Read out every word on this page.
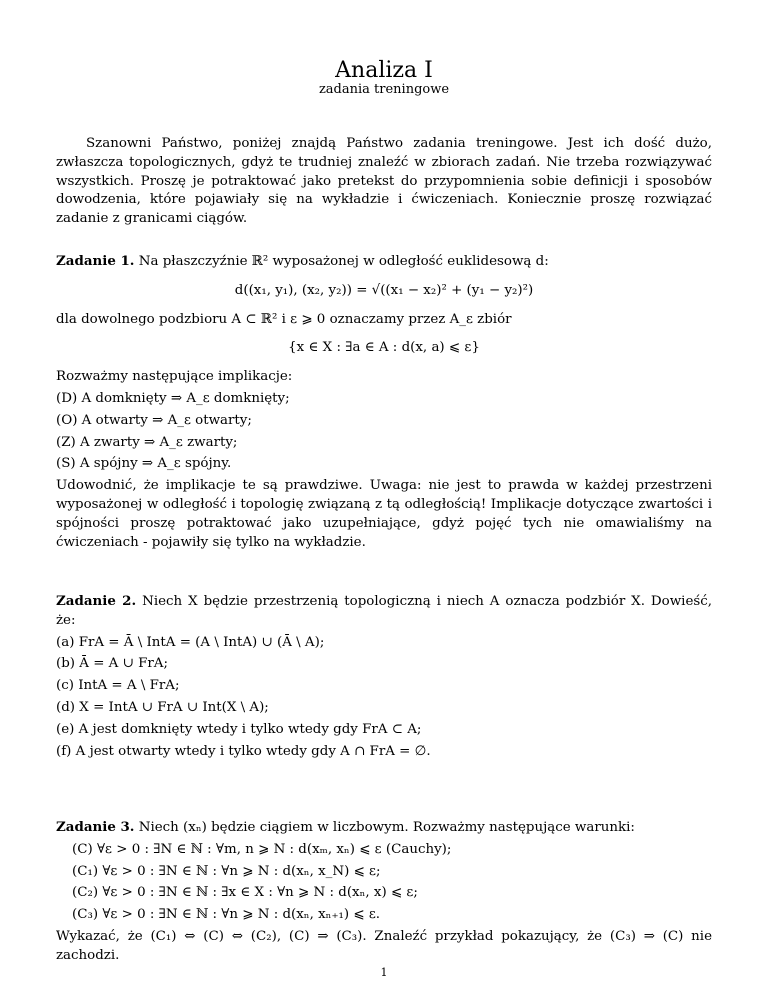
Analiza I
zadania treningowe

Szanowni Państwo, poniżej znajdą Państwo zadania treningowe. Jest ich dość dużo, zwłaszcza topologicznych, gdyż te trudniej znaleźć w zbiorach zadań. Nie trzeba rozwiązywać wszystkich. Proszę je potraktować jako pretekst do przypomnienia sobie definicji i sposobów dowodzenia, które pojawiały się na wykładzie i ćwiczeniach. Koniecznie proszę rozwiązać zadanie z granicami ciągów.

Zadanie 1. Na płaszczyźnie ℝ² wyposażonej w odległość euklidesową d:

d((x₁, y₁), (x₂, y₂)) = √((x₁ − x₂)² + (y₁ − y₂)²)

dla dowolnego podzbioru A ⊂ ℝ² i ε ⩾ 0 oznaczamy przez A_ε zbiór

{x ∈ X : ∃a ∈ A : d(x, a) ⩽ ε}

Rozważmy następujące implikacje:

(D) A domknięty ⇒ A_ε domknięty;
(O) A otwarty ⇒ A_ε otwarty;
(Z) A zwarty ⇒ A_ε zwarty;
(S) A spójny ⇒ A_ε spójny.

Udowodnić, że implikacje te są prawdziwe. Uwaga: nie jest to prawda w każdej przestrzeni wyposażonej w odległość i topologię związaną z tą odległością! Implikacje dotyczące zwartości i spójności proszę potraktować jako uzupełniające, gdyż pojęć tych nie omawialiśmy na ćwiczeniach - pojawiły się tylko na wykładzie.

Zadanie 2. Niech X będzie przestrzenią topologiczną i niech A oznacza podzbiór X. Dowieść, że:

(a) FrA = Ā \ IntA = (A \ IntA) ∪ (Ā \ A);
(b) Ā = A ∪ FrA;
(c) IntA = A \ FrA;
(d) X = IntA ∪ FrA ∪ Int(X \ A);
(e) A jest domknięty wtedy i tylko wtedy gdy FrA ⊂ A;
(f) A jest otwarty wtedy i tylko wtedy gdy A ∩ FrA = ∅.

Zadanie 3. Niech (xₙ) będzie ciągiem w liczbowym. Rozważmy następujące warunki:

(C) ∀ε > 0 : ∃N ∈ ℕ : ∀m, n ⩾ N : d(xₘ, xₙ) ⩽ ε (Cauchy);
(C₁) ∀ε > 0 : ∃N ∈ ℕ : ∀n ⩾ N : d(xₙ, x_N) ⩽ ε;
(C₂) ∀ε > 0 : ∃N ∈ ℕ : ∃x ∈ X : ∀n ⩾ N : d(xₙ, x) ⩽ ε;
(C₃) ∀ε > 0 : ∃N ∈ ℕ : ∀n ⩾ N : d(xₙ, xₙ₊₁) ⩽ ε.

Wykazać, że (C₁) ⇔ (C) ⇔ (C₂), (C) ⇒ (C₃). Znaleźć przykład pokazujący, że (C₃) ⇒ (C) nie zachodzi.

1
